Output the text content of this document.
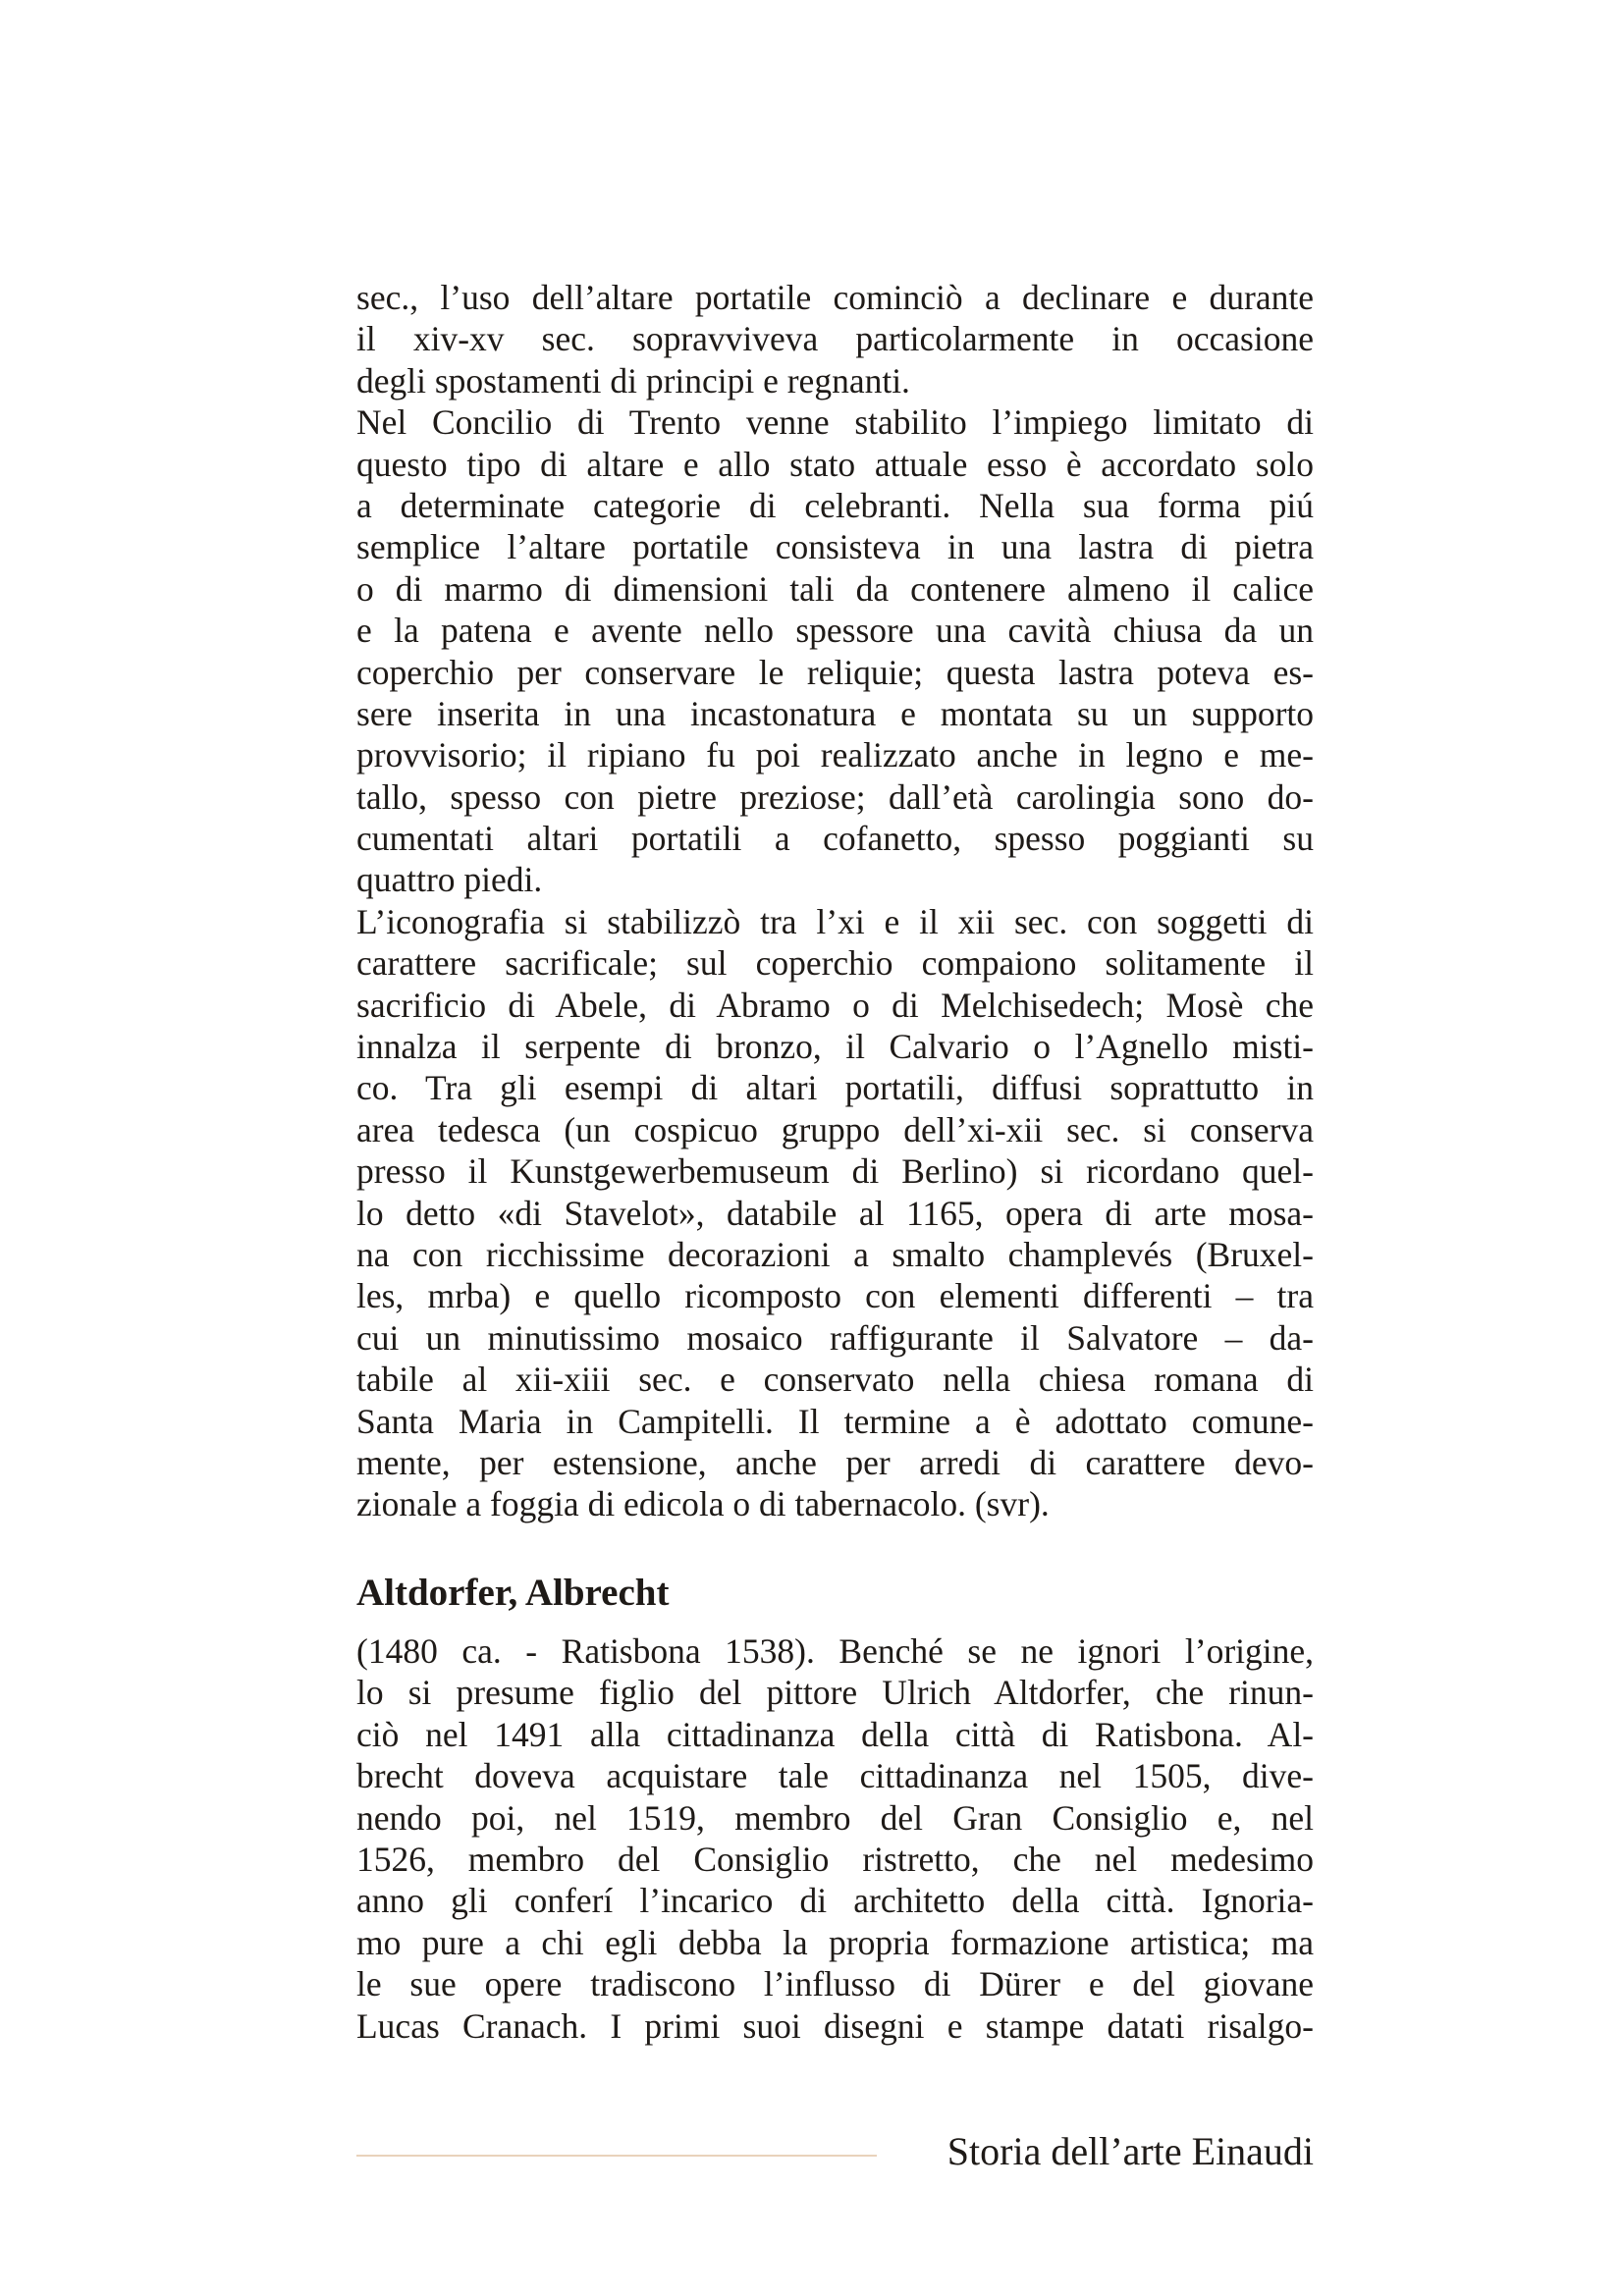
sec., l’uso dell’altare portatile cominciò a declinare e durante
il xiv-xv sec. sopravviveva particolarmente in occasione
degli spostamenti di principi e regnanti.
Nel Concilio di Trento venne stabilito l’impiego limitato di
questo tipo di altare e allo stato attuale esso è accordato solo
a determinate categorie di celebranti. Nella sua forma piú
semplice l’altare portatile consisteva in una lastra di pietra
o di marmo di dimensioni tali da contenere almeno il calice
e la patena e avente nello spessore una cavità chiusa da un
coperchio per conservare le reliquie; questa lastra poteva es-
sere inserita in una incastonatura e montata su un supporto
provvisorio; il ripiano fu poi realizzato anche in legno e me-
tallo, spesso con pietre preziose; dall’età carolingia sono do-
cumentati altari portatili a cofanetto, spesso poggianti su
quattro piedi.
L’iconografia si stabilizzò tra l’xi e il xii sec. con soggetti di
carattere sacrificale; sul coperchio compaiono solitamente il
sacrificio di Abele, di Abramo o di Melchisedech; Mosè che
innalza il serpente di bronzo, il Calvario o l’Agnello misti-
co. Tra gli esempi di altari portatili, diffusi soprattutto in
area tedesca (un cospicuo gruppo dell’xi-xii sec. si conserva
presso il Kunstgewerbemuseum di Berlino) si ricordano quel-
lo detto «di Stavelot», databile al 1165, opera di arte mosa-
na con ricchissime decorazioni a smalto champlevés (Bruxel-
les, mrba) e quello ricomposto con elementi differenti – tra
cui un minutissimo mosaico raffigurante il Salvatore – da-
tabile al xii-xiii sec. e conservato nella chiesa romana di
Santa Maria in Campitelli. Il termine a è adottato comune-
mente, per estensione, anche per arredi di carattere devo-
zionale a foggia di edicola o di tabernacolo. (svr).
Altdorfer, Albrecht
(1480 ca. - Ratisbona 1538). Benché se ne ignori l’origine,
lo si presume figlio del pittore Ulrich Altdorfer, che rinun-
ciò nel 1491 alla cittadinanza della città di Ratisbona. Al-
brecht doveva acquistare tale cittadinanza nel 1505, dive-
nendo poi, nel 1519, membro del Gran Consiglio e, nel
1526, membro del Consiglio ristretto, che nel medesimo
anno gli conferí l’incarico di architetto della città. Ignoria-
mo pure a chi egli debba la propria formazione artistica; ma
le sue opere tradiscono l’influsso di Dürer e del giovane
Lucas Cranach. I primi suoi disegni e stampe datati risalgo-
Storia dell’arte Einaudi
